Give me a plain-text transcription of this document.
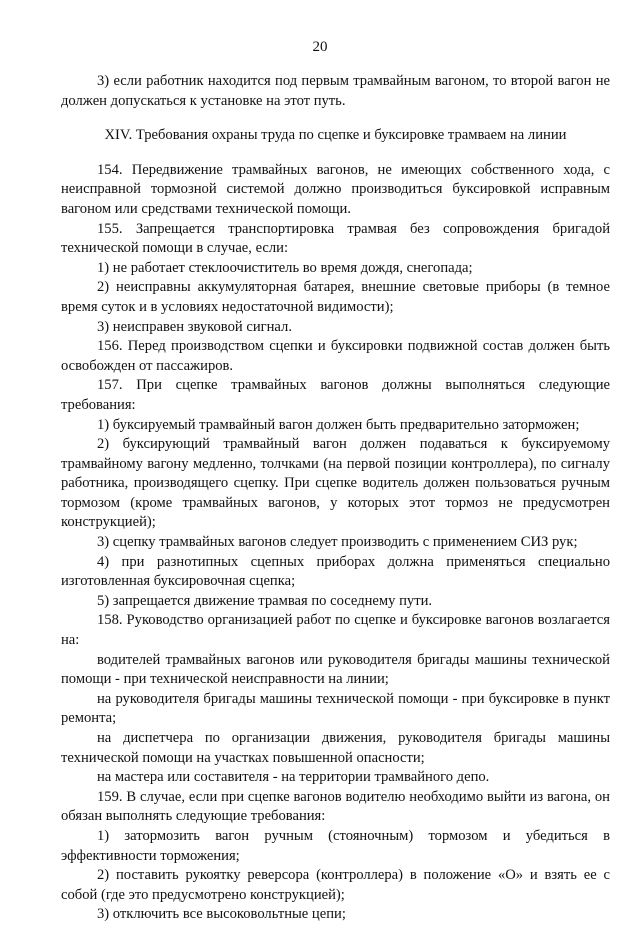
20

3) если работник находится под первым трамвайным вагоном, то второй вагон не должен допускаться к установке на этот путь.

XIV. Требования охраны труда по сцепке и буксировке трамваем на линии

154. Передвижение трамвайных вагонов, не имеющих собственного хода, с неисправной тормозной системой должно производиться буксировкой исправным вагоном или средствами технической помощи.

155. Запрещается транспортировка трамвая без сопровождения бригадой технической помощи в случае, если:

1) не работает стеклоочиститель во время дождя, снегопада;

2) неисправны аккумуляторная батарея, внешние световые приборы (в темное время суток и в условиях недостаточной видимости);

3) неисправен звуковой сигнал.

156. Перед производством сцепки и буксировки подвижной состав должен быть освобожден от пассажиров.

157. При сцепке трамвайных вагонов должны выполняться следующие требования:

1) буксируемый трамвайный вагон должен быть предварительно заторможен;

2) буксирующий трамвайный вагон должен подаваться к буксируемому трамвайному вагону медленно, толчками (на первой позиции контроллера), по сигналу работника, производящего сцепку. При сцепке водитель должен пользоваться ручным тормозом (кроме трамвайных вагонов, у которых этот тормоз не предусмотрен конструкцией);

3) сцепку трамвайных вагонов следует производить с применением СИЗ рук;

4) при разнотипных сцепных приборах должна применяться специально изготовленная буксировочная сцепка;

5) запрещается движение трамвая по соседнему пути.

158. Руководство организацией работ по сцепке и буксировке вагонов возлагается на:

водителей трамвайных вагонов или руководителя бригады машины технической помощи - при технической неисправности на линии;

на руководителя бригады машины технической помощи - при буксировке в пункт ремонта;

на диспетчера по организации движения, руководителя бригады машины технической помощи на участках повышенной опасности;

на мастера или составителя - на территории трамвайного депо.

159. В случае, если при сцепке вагонов водителю необходимо выйти из вагона, он обязан выполнять следующие требования:

1) затормозить вагон ручным (стояночным) тормозом и убедиться в эффективности торможения;

2) поставить рукоятку реверсора (контроллера) в положение «О» и взять ее с собой (где это предусмотрено конструкцией);

3) отключить все высоковольтные цепи;
